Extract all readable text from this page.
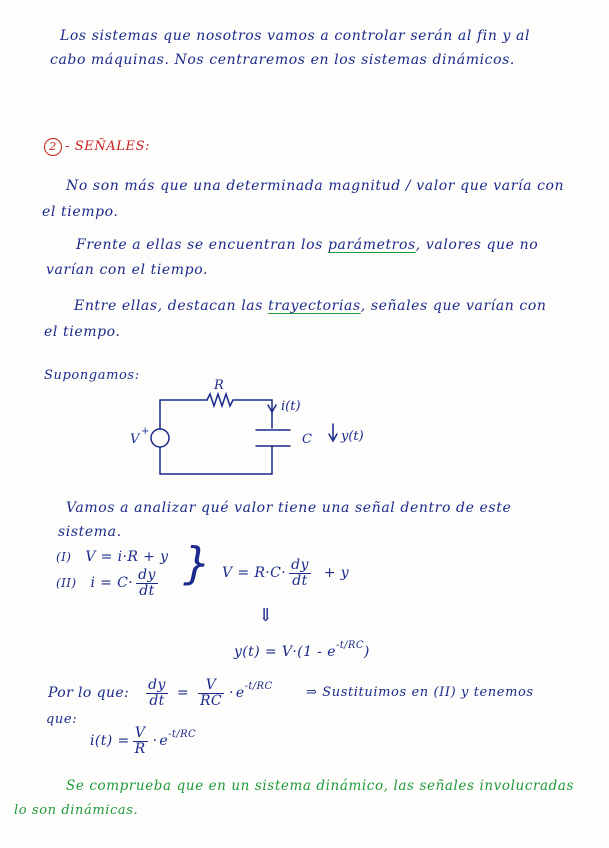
Los sistemas que nosotros vamos a controlar serán al fin y al
cabo máquinas. Nos centraremos en los sistemas dinámicos.
2 - SEÑALES:
No son más que una determinada magnitud / valor que varía con
el tiempo.
Frente a ellas se encuentran los parámetros, valores que no
varían con el tiempo.
Entre ellas, destacan las trayectorias, señales que varían con
el tiempo.
Supongamos:
R
i(t)
C y(t)
V
+
Vamos a analizar qué valor tiene una señal dentro de este
sistema.
(I) V = i·R + y
(II) $i = C\cdot \frac{dy}{dt}$ } $V = R\cdot C\cdot \frac{dy}{dt} + y$
⇓
$y(t) = V\cdot(1 - e^{-t/RC})$
Por lo que: $\frac{dy}{dt} = \frac{V}{RC} \cdot e^{-t/RC}$	⇒ Sustituimos en (II) y tenemos
que:
$i(t) = \frac{V}{R} \cdot e^{-t/RC}$
Se comprueba que en un sistema dinámico, las señales involucradas
lo son dinámicas.
